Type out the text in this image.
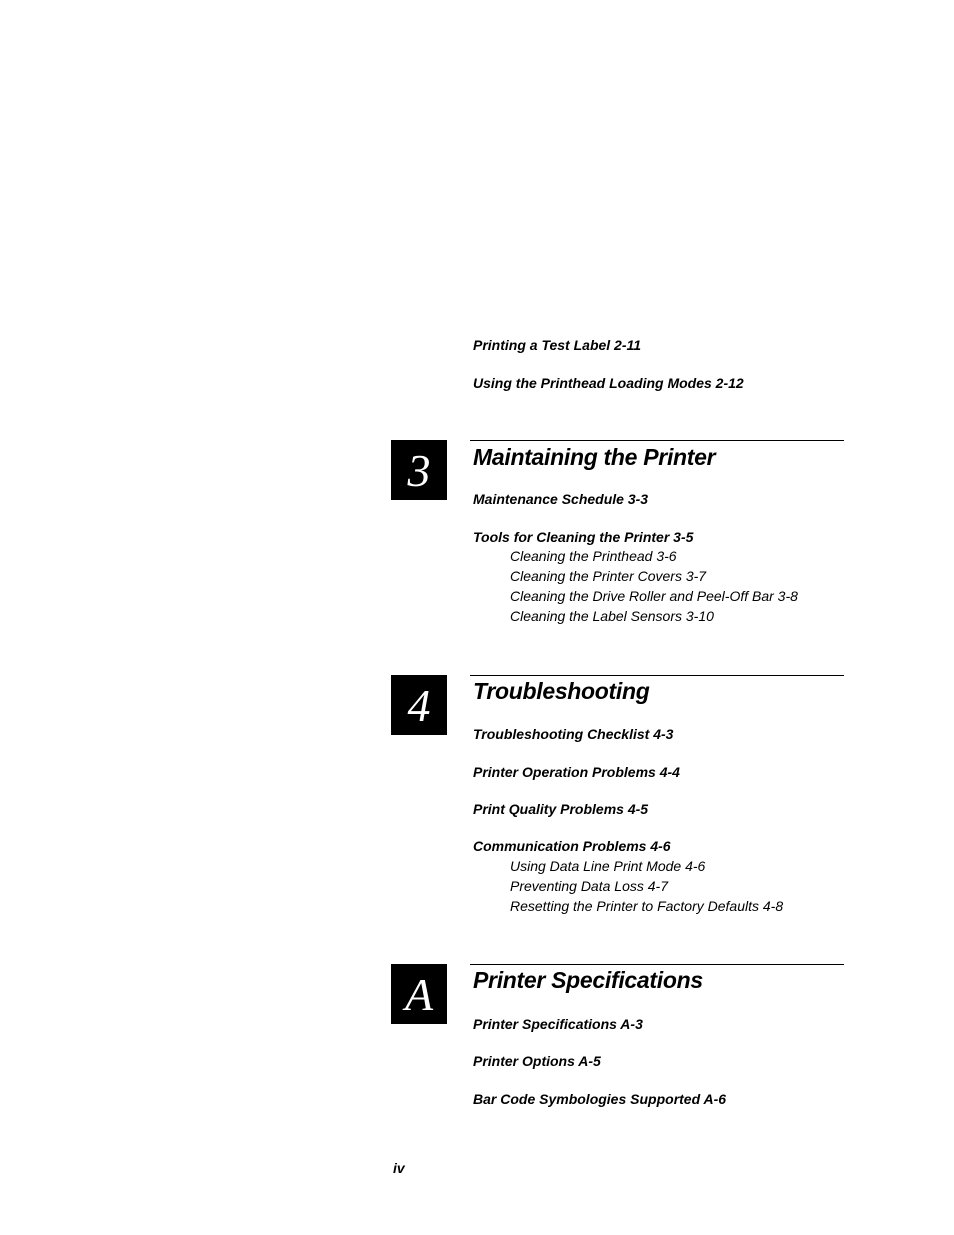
Printing a Test Label 2-11
Using the Printhead Loading Modes 2-12
3	Maintaining the Printer
Maintenance Schedule 3-3
Tools for Cleaning the Printer 3-5
Cleaning the Printhead 3-6
Cleaning the Printer Covers 3-7
Cleaning the Drive Roller and Peel-Off Bar 3-8
Cleaning the Label Sensors 3-10
4	Troubleshooting
Troubleshooting Checklist 4-3
Printer Operation Problems 4-4
Print Quality Problems 4-5
Communication Problems 4-6
Using Data Line Print Mode 4-6
Preventing Data Loss 4-7
Resetting the Printer to Factory Defaults 4-8
A	Printer Specifications
Printer Specifications A-3
Printer Options A-5
Bar Code Symbologies Supported A-6
iv
